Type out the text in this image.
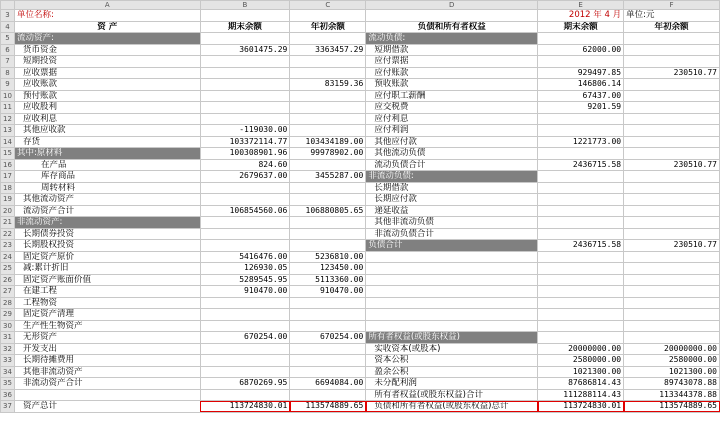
	A	B	C	D	E	F
3	单位名称:				2012 年 4 月	单位:元
4	资 产	期末余额	年初余额	负债和所有者权益	期末余额	年初余额
5	流动资产:			流动负债:		
6	货币资金	3601475.29	3363457.29	短期借款	62000.00	
7	短期投资			应付票据		
8	应收票据			应付账款	929497.85	230510.77
9	应收账款		83159.36	预收账款	146806.14	
10	预付账款			应付职工薪酬	67437.00	
11	应收股利			应交税费	9201.59	
12	应收利息			应付利息		
13	其他应收款	-119030.00		应付利润		
14	存货	103372114.77	103434189.00	其他应付款	1221773.00	
15	其中:原材料	100308901.96	99978902.00	其他流动负债		
16	在产品	824.60		流动负债合计	2436715.58	230510.77
17	库存商品	2679637.00	3455287.00	非流动负债:		
18	周转材料			长期借款		
19	其他流动资产			长期应付款		
20	流动资产合计	106854560.06	106880805.65	递延收益		
21	非流动资产:			其他非流动负债		
22	长期债券投资			非流动负债合计		
23	长期股权投资			负债合计	2436715.58	230510.77
24	固定资产原价	5416476.00	5236810.00			
25	减:累计折旧	126930.05	123450.00			
26	固定资产账面价值	5289545.95	5113360.00			
27	在建工程	910470.00	910470.00			
28	工程物资					
29	固定资产清理					
30	生产性生物资产					
31	无形资产	670254.00	670254.00	所有者权益(或股东权益)		
32	开发支出			实收资本(或股本)	20000000.00	20000000.00
33	长期待摊费用			资本公积	2580000.00	2580000.00
34	其他非流动资产			盈余公积	1021300.00	1021300.00
35	非流动资产合计	6870269.95	6694084.00	未分配利润	87686814.43	89743078.88
36				所有者权益(或股东权益)合计	111288114.43	113344378.88
37	资产总计	113724830.01	113574889.65	负债和所有者权益(或股东权益)总计	113724830.01	113574889.65
